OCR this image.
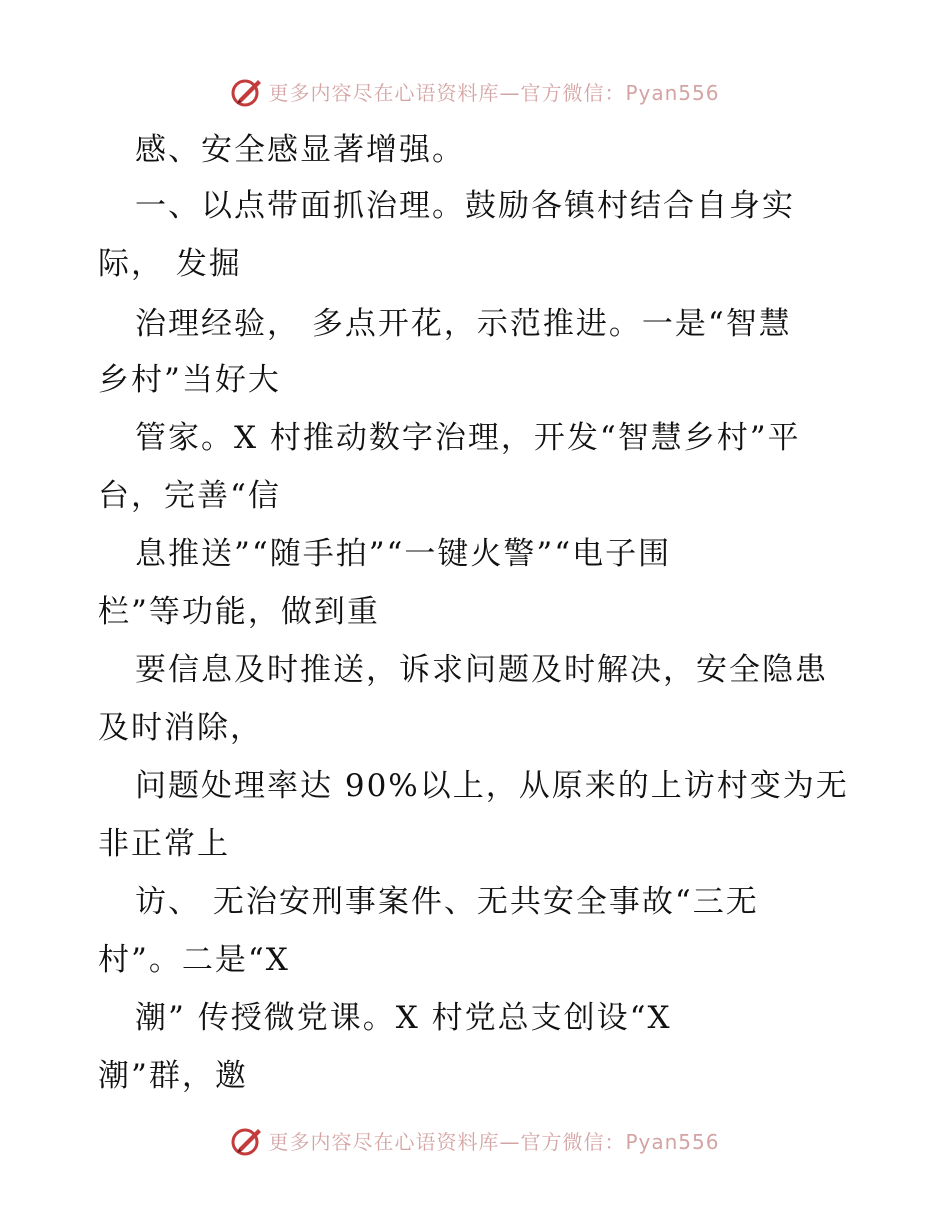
更多内容尽在心语资料库—官方微信：Pyan556
感、安全感显著增强。
一、以点带面抓治理。鼓励各镇村结合自身实
际， 发掘
治理经验， 多点开花，示范推进。一是“智慧
乡村”当好大
管家。X 村推动数字治理，开发“智慧乡村”平
台，完善“信
息推送”“随手拍”“一键火警”“电子围
栏”等功能，做到重
要信息及时推送，诉求问题及时解决，安全隐患
及时消除，
问题处理率达 90%以上，从原来的上访村变为无
非正常上
访、 无治安刑事案件、无共安全事故“三无
村”。二是“X
潮” 传授微党课。X 村党总支创设“X
潮”群，邀
更多内容尽在心语资料库—官方微信：Pyan556
